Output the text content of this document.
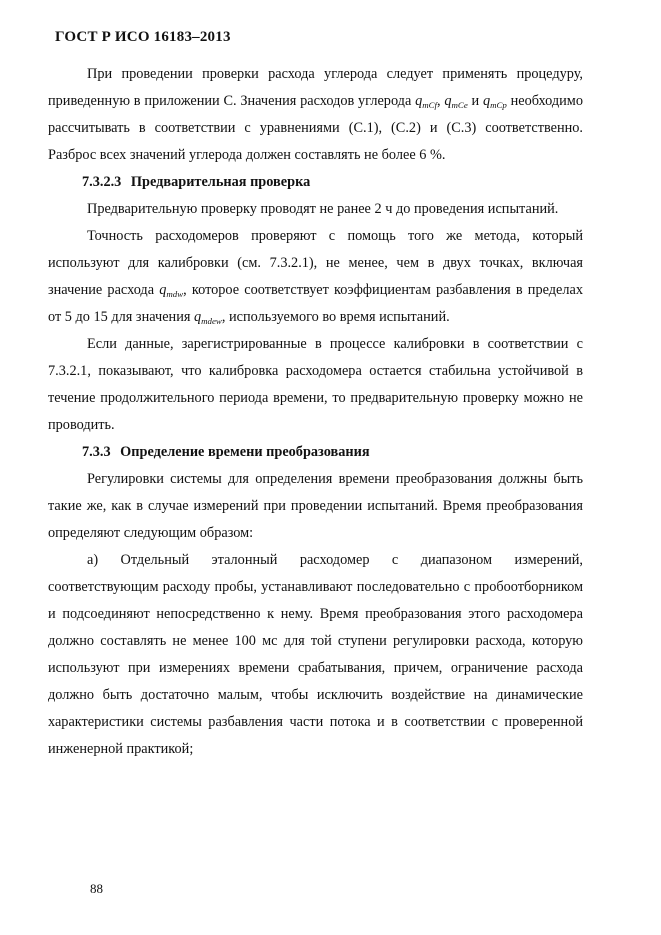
ГОСТ Р ИСО 16183–2013

При проведении проверки расхода углерода следует применять процедуру, приведенную в приложении С. Значения расходов углерода $q_{mCf}$, $q_{mCe}$ и $q_{mCp}$ необходимо рассчитывать в соответствии с уравнениями (С.1), (С.2) и (С.3) соответственно. Разброс всех значений углерода должен составлять не более 6 %.

7.3.2.3 Предварительная проверка

Предварительную проверку проводят не ранее 2 ч до проведения испытаний.

Точность расходомеров проверяют с помощь того же метода, который используют для калибровки (см. 7.3.2.1), не менее, чем в двух точках, включая значение расхода $q_{mdw}$, которое соответствует коэффициентам разбавления в пределах от 5 до 15 для значения $q_{mdew}$, используемого во время испытаний.

Если данные, зарегистрированные в процессе калибровки в соответствии с 7.3.2.1, показывают, что калибровка расходомера остается стабильна устойчивой в течение продолжительного периода времени, то предварительную проверку можно не проводить.

7.3.3 Определение времени преобразования

Регулировки системы для определения времени преобразования должны быть такие же, как в случае измерений при проведении испытаний. Время преобразования определяют следующим образом:

а) Отдельный эталонный расходомер с диапазоном измерений, соответствующим расходу пробы, устанавливают последовательно с пробоотборником и подсоединяют непосредственно к нему. Время преобразования этого расходомера должно составлять не менее 100 мс для той ступени регулировки расхода, которую используют при измерениях времени срабатывания, причем, ограничение расхода должно быть достаточно малым, чтобы исключить воздействие на динамические характеристики системы разбавления части потока и в соответствии с проверенной инженерной практикой;

88
